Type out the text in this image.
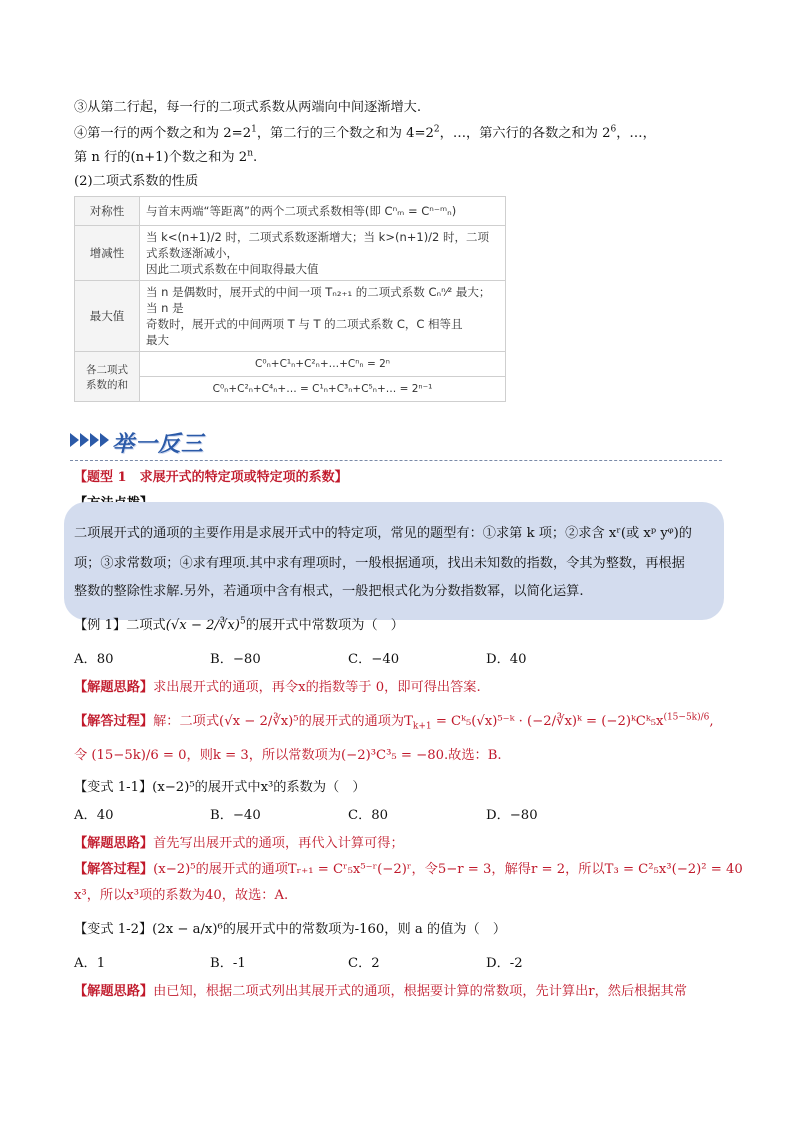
③从第二行起，每一行的二项式系数从两端向中间逐渐增大.
④第一行的两个数之和为 $2=2^1$，第二行的三个数之和为 $4=2^2$，…，第六行的各数之和为 $2^6$，…，
第 n 行的(n+1)个数之和为 2$^n$.
(2)二项式系数的性质
对称性	与首末两端“等距离”的两个二项式系数相等(即 Cⁿₘ = Cⁿ⁻ᵐₙ)
增减性	当 k<(n+1)/2 时，二项式系数逐渐增大；当 k>(n+1)/2 时，二项式系数逐渐减小，
因此二项式系数在中间取得最大值

最大值	当 n 是偶数时，展开式的中间一项 Tₙ₂₊₁ 的二项式系数 Cₙⁿ⁄² 最大；当 n 是
奇数时，展开式的中间两项 T 与 T 的二项式系数 C，C 相等且
最大

各二项式系数的和	C⁰ₙ+C¹ₙ+C²ₙ+…+Cⁿₙ = 2ⁿ
	C⁰ₙ+C²ₙ+C⁴ₙ+… = C¹ₙ+C³ₙ+C⁵ₙ+… = 2ⁿ⁻¹
举一反三
【题型 1　求展开式的特定项或特定项的系数】
二项展开式的通项的主要作用是求展开式中的特定项，常见的题型有：①求第 k 项；②求含 xʳ(或 xᵖ yᵠ)的
项；③求常数项；④求有理项.其中求有理项时，一般根据通项，找出未知数的指数，令其为整数，再根据
整数的整除性求解.另外，若通项中含有根式，一般把根式化为分数指数幂，以简化运算.
【例 1】二项式(√x − 2/∛x)$^5$的展开式中常数项为（　）
A．80	B．−80	C．−40	D．40
【解题思路】求出展开式的通项，再令x的指数等于 0，即可得出答案.
【解答过程】解：二项式(√x − 2/∛x)⁵的展开式的通项为$T_{k+1}$ = Cᵏ₅(√x)⁵⁻ᵏ · (−2/∛x)ᵏ = $(-2)ᵏCᵏ_5x^{(15-5k)/6}$,
令 (15−5k)/6 = 0，则k = 3，所以常数项为(−2)³C³₅ = −80.故选：B.
【变式 1-1】(x−2)⁵的展开式中x³的系数为（　）
A．40	B．−40	C．80	D．−80
【解题思路】首先写出展开式的通项，再代入计算可得；
【解答过程】(x−2)⁵的展开式的通项Tᵣ₊₁ = Cʳ₅x⁵⁻ʳ(−2)ʳ，令5−r = 3，解得r = 2，所以T₃ = C²₅x³(−2)² = 40
x³，所以x³项的系数为40，故选：A.
【变式 1-2】(2x − a/x)⁶的展开式中的常数项为-160，则 a 的值为（　）
A．1	B．-1	C．2	D．-2
【解题思路】由已知，根据二项式列出其展开式的通项，根据要计算的常数项，先计算出r，然后根据其常
